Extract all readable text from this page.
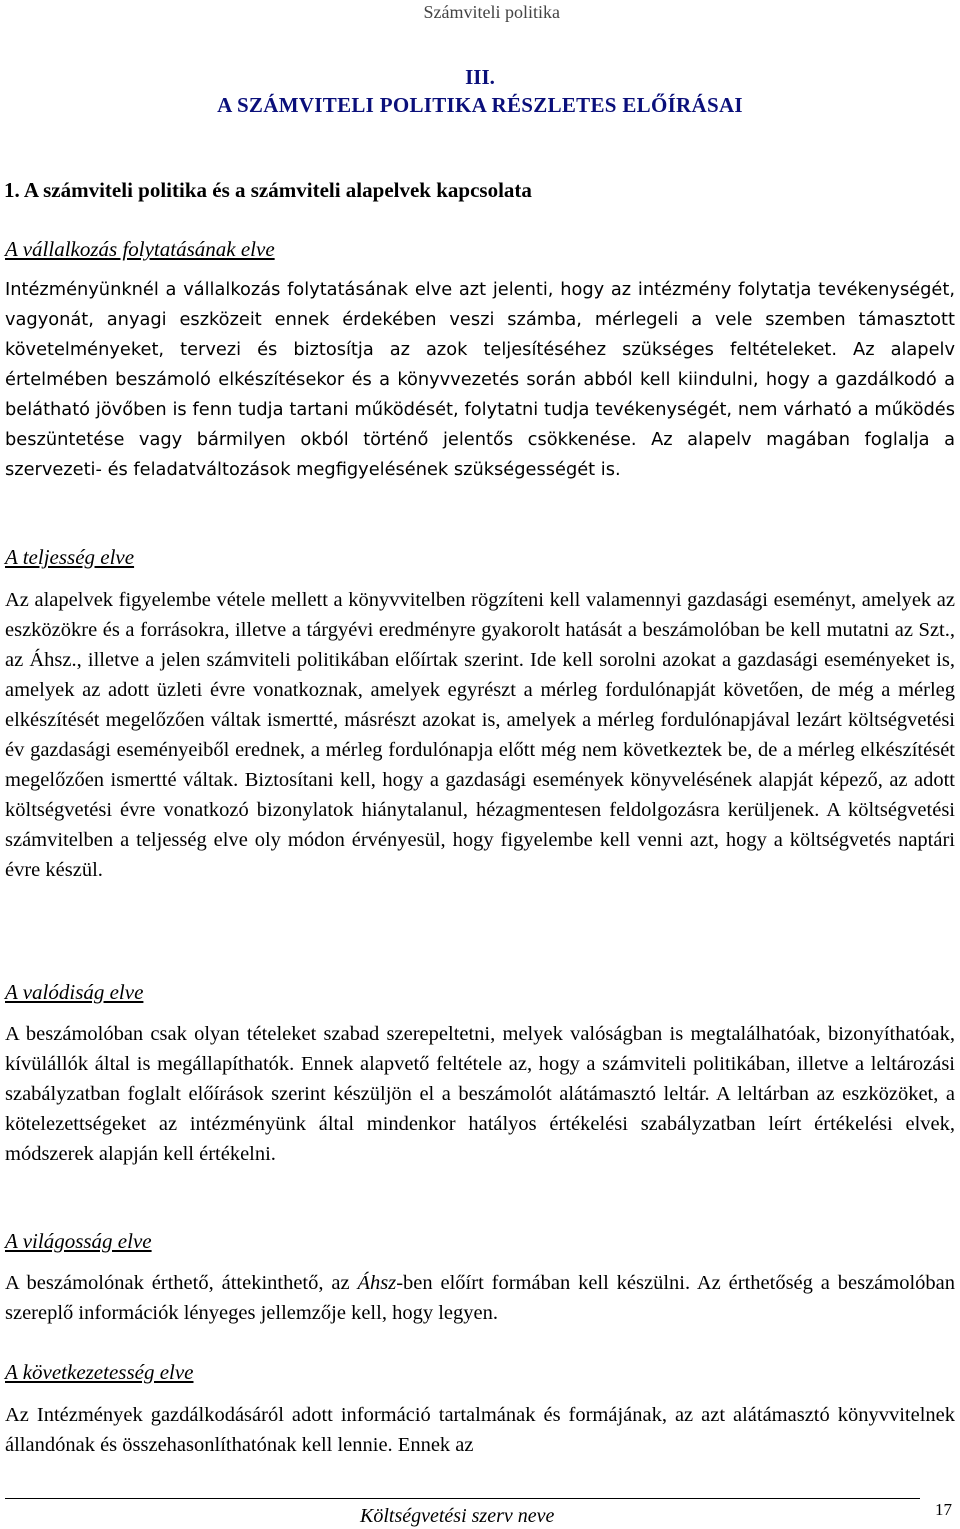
Számviteli politika
III.
A SZÁMVITELI POLITIKA RÉSZLETES ELŐÍRÁSAI
1. A számviteli politika és a számviteli alapelvek kapcsolata
A vállalkozás folytatásának elve
Intézményünknél a vállalkozás folytatásának elve azt jelenti, hogy az intézmény folytatja tevékenységét, vagyonát, anyagi eszközeit ennek érdekében veszi számba, mérlegeli a vele szemben támasztott követelményeket, tervezi és biztosítja az azok teljesítéséhez szükséges feltételeket. Az alapelv értelmében beszámoló elkészítésekor és a könyvvezetés során abból kell kiindulni, hogy a gazdálkodó a belátható jövőben is fenn tudja tartani működését, folytatni tudja tevékenységét, nem várható a működés beszüntetése vagy bármilyen okból történő jelentős csökkenése. Az alapelv magában foglalja a szervezeti- és feladatváltozások megfigyelésének szükségességét is.
A teljesség elve
Az alapelvek figyelembe vétele mellett a könyvvitelben rögzíteni kell valamennyi gazdasági eseményt, amelyek az eszközökre és a forrásokra, illetve a tárgyévi eredményre gyakorolt hatását a beszámolóban be kell mutatni az Szt., az Áhsz., illetve a jelen számviteli politikában előírtak szerint. Ide kell sorolni azokat a gazdasági eseményeket is, amelyek az adott üzleti évre vonatkoznak, amelyek egyrészt a mérleg fordulónapját követően, de még a mérleg elkészítését megelőzően váltak ismertté, másrészt azokat is, amelyek a mérleg fordulónapjával lezárt költségvetési év gazdasági eseményeiből erednek, a mérleg fordulónapja előtt még nem következtek be, de a mérleg elkészítését megelőzően ismertté váltak. Biztosítani kell, hogy a gazdasági események könyvelésének alapját képező, az adott költségvetési évre vonatkozó bizonylatok hiánytalanul, hézagmentesen feldolgozásra kerüljenek. A költségvetési számvitelben a teljesség elve oly módon érvényesül, hogy figyelembe kell venni azt, hogy a költségvetés naptári évre készül.
A valódiság elve
A beszámolóban csak olyan tételeket szabad szerepeltetni, melyek valóságban is megtalálhatóak, bizonyíthatóak, kívülállók által is megállapíthatók. Ennek alapvető feltétele az, hogy a számviteli politikában, illetve a leltározási szabályzatban foglalt előírások szerint készüljön el a beszámolót alátámasztó leltár. A leltárban az eszközöket, a kötelezettségeket az intézményünk által mindenkor hatályos értékelési szabályzatban leírt értékelési elvek, módszerek alapján kell értékelni.
A világosság elve
A beszámolónak érthető, áttekinthető, az Áhsz-ben előírt formában kell készülni. Az érthetőség a beszámolóban szereplő információk lényeges jellemzője kell, hogy legyen.
A következetesség elve
Az Intézmények gazdálkodásáról adott információ tartalmának és formájának, az azt alátámasztó könyvvitelnek állandónak és összehasonlíthatónak kell lennie. Ennek az
Költségvetési szerv neve	17
